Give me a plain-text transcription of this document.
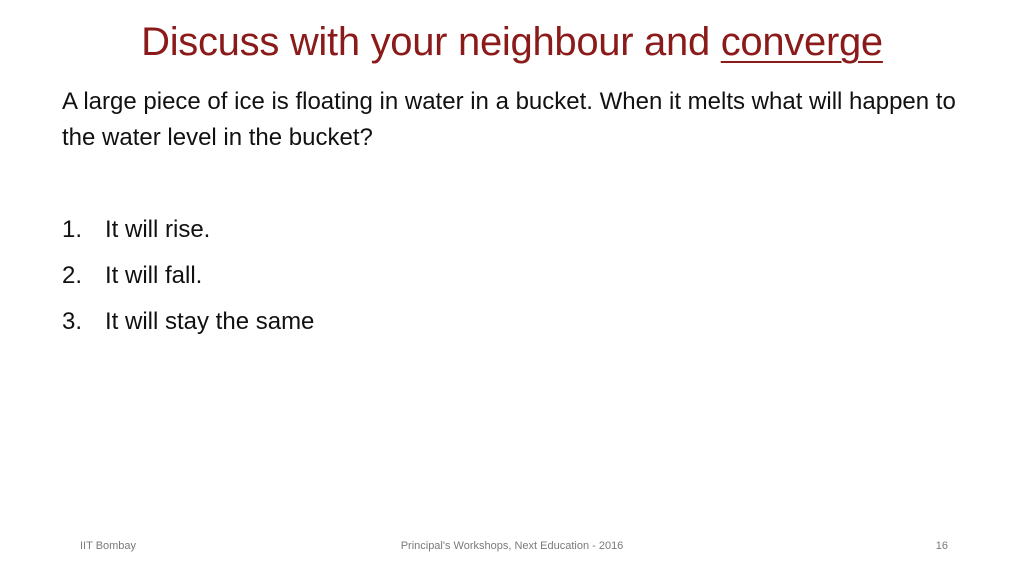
Discuss with your neighbour and converge

A large piece of ice is floating in water in a bucket. When it melts what will happen to the water level in the bucket?

1. It will rise.
2. It will fall.
3. It will stay the same
IIT Bombay	Principal's Workshops, Next Education - 2016	16
